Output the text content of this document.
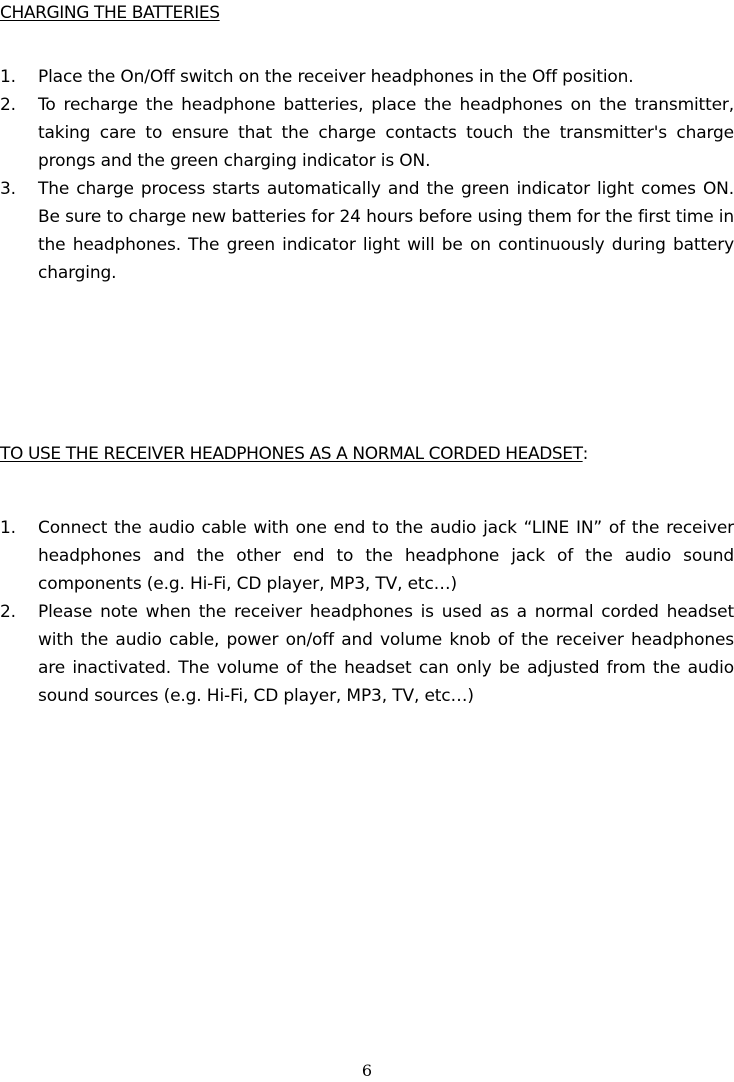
CHARGING THE BATTERIES
1.	Place the On/Off switch on the receiver headphones in the Off position.
2.	To recharge the headphone batteries, place the headphones on the transmitter, taking care to ensure that the charge contacts touch the transmitter's charge prongs and the green charging indicator is ON.
3.	The charge process starts automatically and the green indicator light comes ON. Be sure to charge new batteries for 24 hours before using them for the first time in the headphones. The green indicator light will be on continuously during battery charging.
TO USE THE RECEIVER HEADPHONES AS A NORMAL CORDED HEADSET:
1.	Connect the audio cable with one end to the audio jack “LINE IN” of the receiver headphones and the other end to the headphone jack of the audio sound components (e.g. Hi-Fi, CD player, MP3, TV, etc…)
2.	Please note when the receiver headphones is used as a normal corded headset with the audio cable, power on/off and volume knob of the receiver headphones are inactivated. The volume of the headset can only be adjusted from the audio sound sources (e.g. Hi-Fi, CD player, MP3, TV, etc…)
6
